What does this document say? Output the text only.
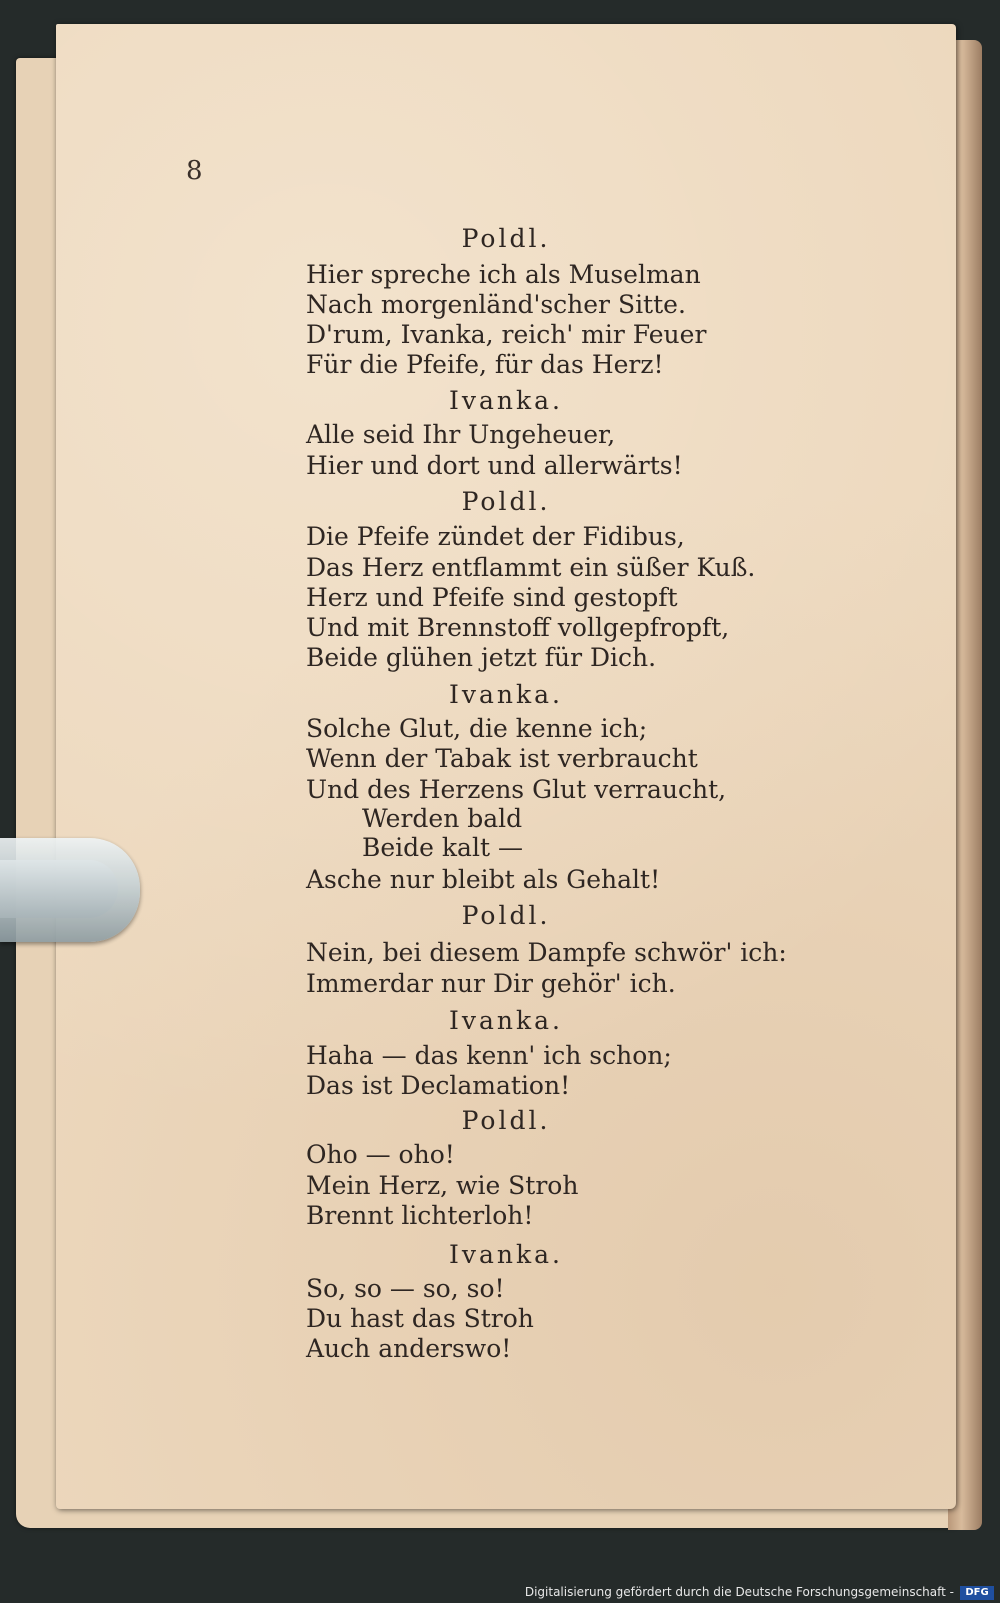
8
Poldl.
Hier spreche ich als Muselman
Nach morgenländ'scher Sitte.
D'rum, Ivanka, reich' mir Feuer
Für die Pfeife, für das Herz!
Ivanka.
Alle seid Ihr Ungeheuer,
Hier und dort und allerwärts!
Poldl.
Die Pfeife zündet der Fidibus,
Das Herz entflammt ein süßer Kuß.
Herz und Pfeife sind gestopft
Und mit Brennstoff vollgepfropft,
Beide glühen jetzt für Dich.
Ivanka.
Solche Glut, die kenne ich;
Wenn der Tabak ist verbraucht
Und des Herzens Glut verraucht,
Werden bald
Beide kalt —
Asche nur bleibt als Gehalt!
Poldl.
Nein, bei diesem Dampfe schwör' ich:
Immerdar nur Dir gehör' ich.
Ivanka.
Haha — das kenn' ich schon;
Das ist Declamation!
Poldl.
Oho — oho!
Mein Herz, wie Stroh
Brennt lichterloh!
Ivanka.
So, so — so, so!
Du hast das Stroh
Auch anderswo!
Digitalisierung gefördert durch die Deutsche Forschungsgemeinschaft -	DFG
